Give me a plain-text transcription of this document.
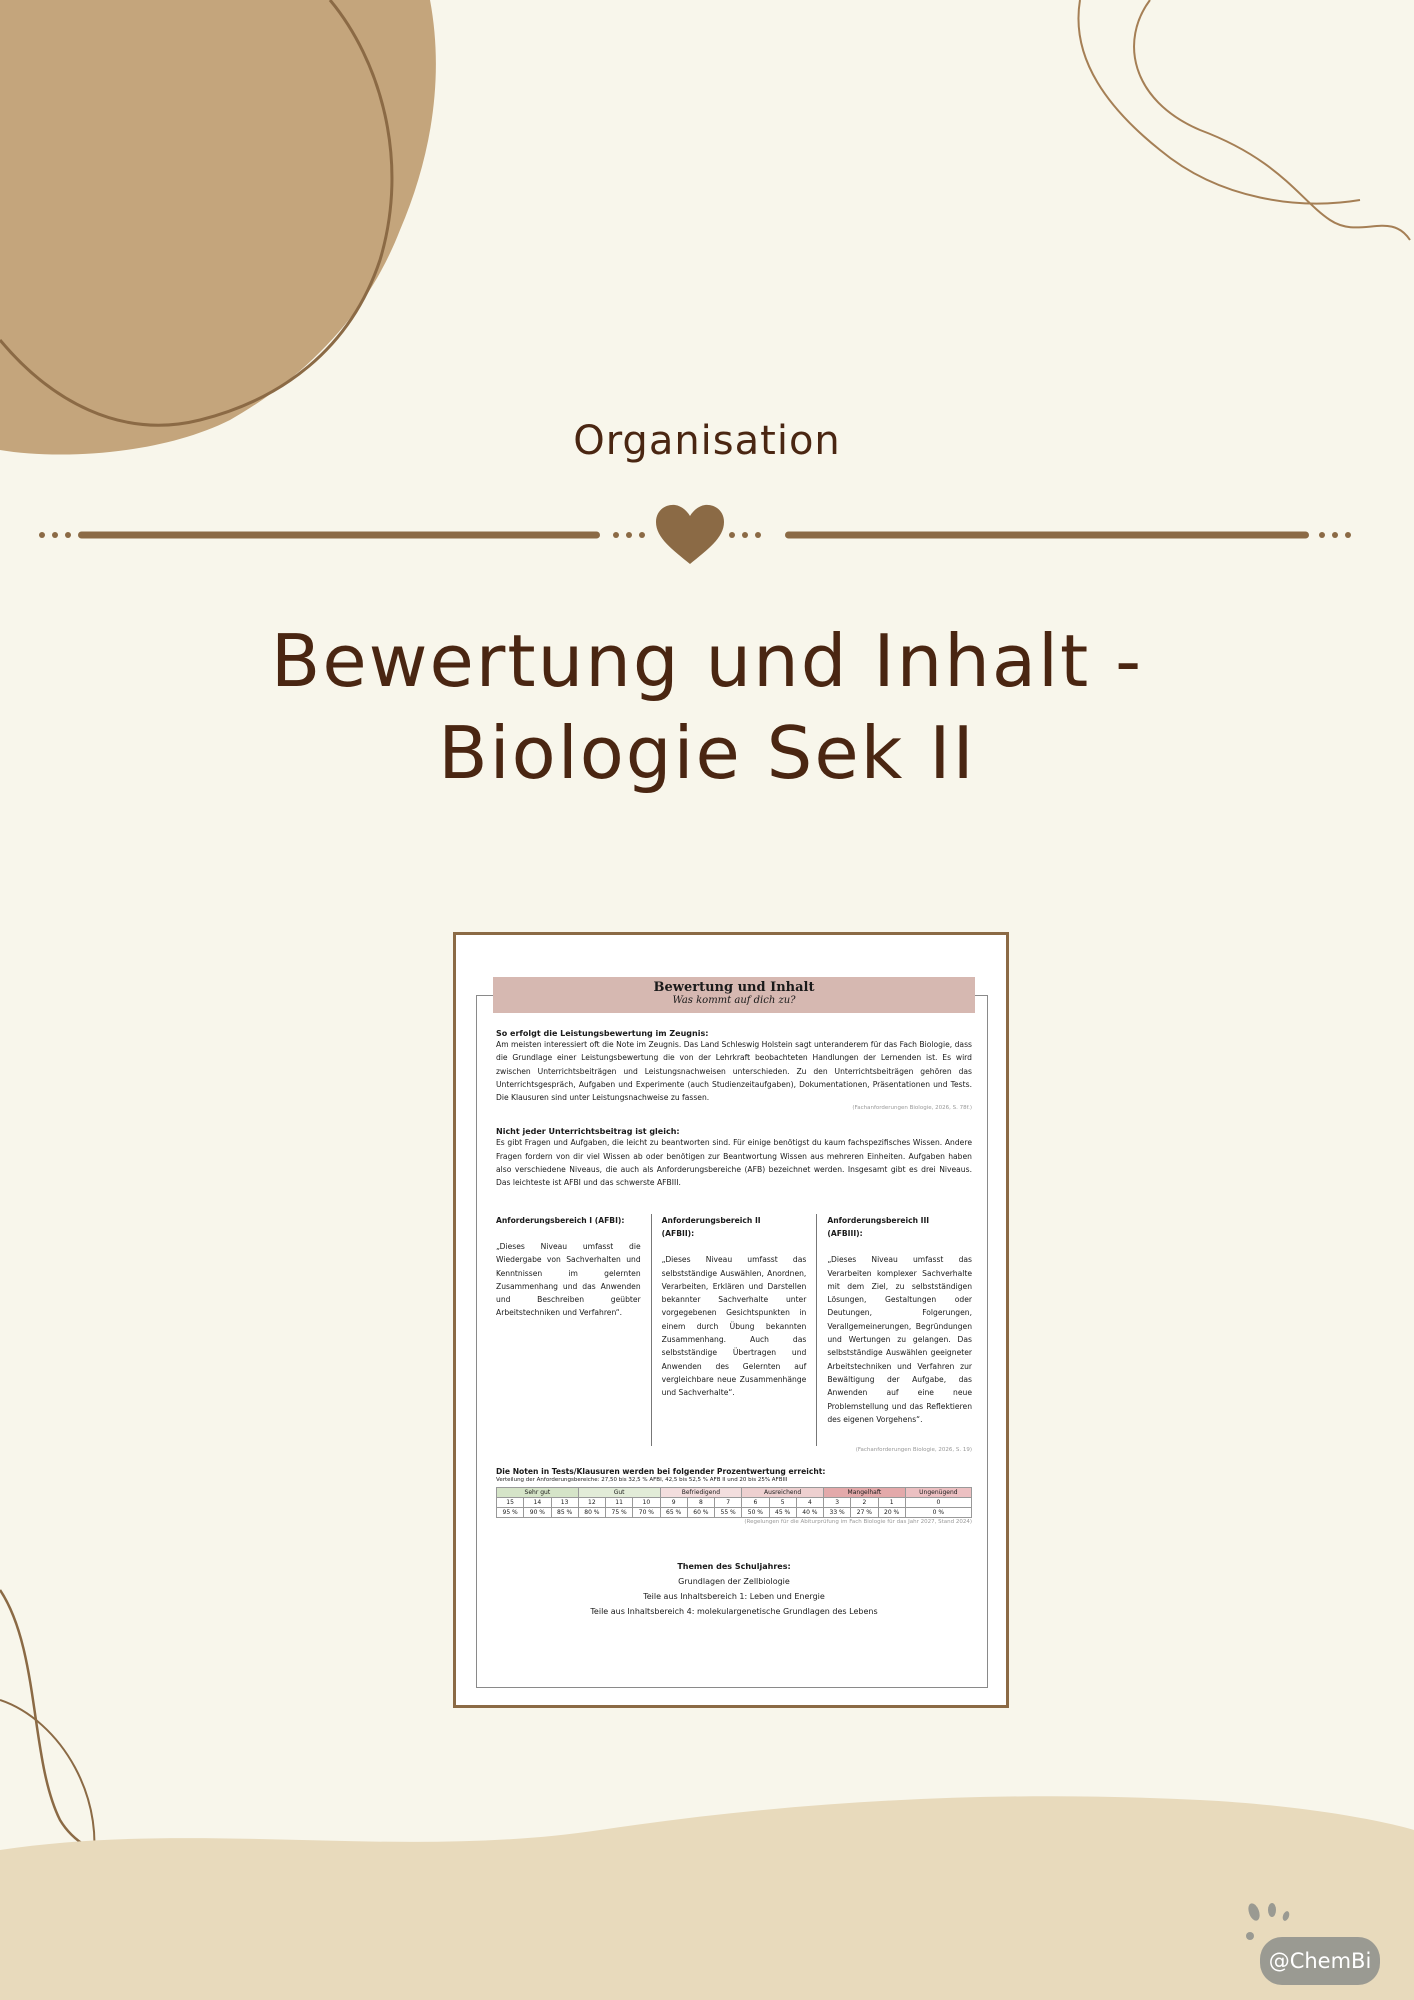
Organisation
Bewertung und Inhalt -
Biologie Sek II
Bewertung und Inhalt
Was kommt auf dich zu?
So erfolgt die Leistungsbewertung im Zeugnis:
Am meisten interessiert oft die Note im Zeugnis. Das Land Schleswig Holstein sagt unteranderem für das Fach Biologie, dass die Grundlage einer Leistungsbewertung die von der Lehrkraft beobachteten Handlungen der Lernenden ist. Es wird zwischen Unterrichtsbeiträgen und Leistungsnachweisen unterschieden. Zu den Unterrichtsbeiträgen gehören das Unterrichtsgespräch, Aufgaben und Experimente (auch Studienzeitaufgaben), Dokumentationen, Präsentationen und Tests. Die Klausuren sind unter Leistungsnachweise zu fassen.
(Fachanforderungen Biologie, 2026, S. 78f.)
Nicht jeder Unterrichtsbeitrag ist gleich:
Es gibt Fragen und Aufgaben, die leicht zu beantworten sind. Für einige benötigst du kaum fachspezifisches Wissen. Andere Fragen fordern von dir viel Wissen ab oder benötigen zur Beantwortung Wissen aus mehreren Einheiten. Aufgaben haben also verschiedene Niveaus, die auch als Anforderungsbereiche (AFB) bezeichnet werden. Insgesamt gibt es drei Niveaus. Das leichteste ist AFBI und das schwerste AFBIII.
Anforderungsbereich I (AFBI):
„Dieses Niveau umfasst die Wiedergabe von Sachverhalten und Kenntnissen im gelernten Zusammenhang und das Anwenden und Beschreiben geübter Arbeitstechniken und Verfahren“.
Anforderungsbereich II (AFBII):
„Dieses Niveau umfasst das selbstständige Auswählen, Anordnen, Verarbeiten, Erklären und Darstellen bekannter Sachverhalte unter vorgegebenen Gesichtspunkten in einem durch Übung bekannten Zusammenhang. Auch das selbstständige Übertragen und Anwenden des Gelernten auf vergleichbare neue Zusammenhänge und Sachverhalte“.
Anforderungsbereich III (AFBIII):
„Dieses Niveau umfasst das Verarbeiten komplexer Sachverhalte mit dem Ziel, zu selbstständigen Lösungen, Gestaltungen oder Deutungen, Folgerungen, Verallgemeinerungen, Begründungen und Wertungen zu gelangen. Das selbstständige Auswählen geeigneter Arbeitstechniken und Verfahren zur Bewältigung der Aufgabe, das Anwenden auf eine neue Problemstellung und das Reflektieren des eigenen Vorgehens“.
(Fachanforderungen Biologie, 2026, S. 19)
Die Noten in Tests/Klausuren werden bei folgender Prozentwertung erreicht:
Verteilung der Anforderungsbereiche: 27,50 bis 32,5 % AFBI, 42,5 bis 52,5 % AFB II und 20 bis 25% AFBIII
Sehr gut			Gut			Befriedigend			Ausreichend			Mangelhaft			Ungenügend
15	14	13	12	11	10	9	8	7	6	5	4	3	2	1	0
95 %	90 %	85 %	80 %	75 %	70 %	65 %	60 %	55 %	50 %	45 %	40 %	33 %	27 %	20 %	0 %
(Regelungen für die Abiturprüfung im Fach Biologie für das Jahr 2027, Stand 2024)
Themen des Schuljahres:
Grundlagen der Zellbiologie
Teile aus Inhaltsbereich 1: Leben und Energie
Teile aus Inhaltsbereich 4: molekulargenetische Grundlagen des Lebens
@ChemBi
